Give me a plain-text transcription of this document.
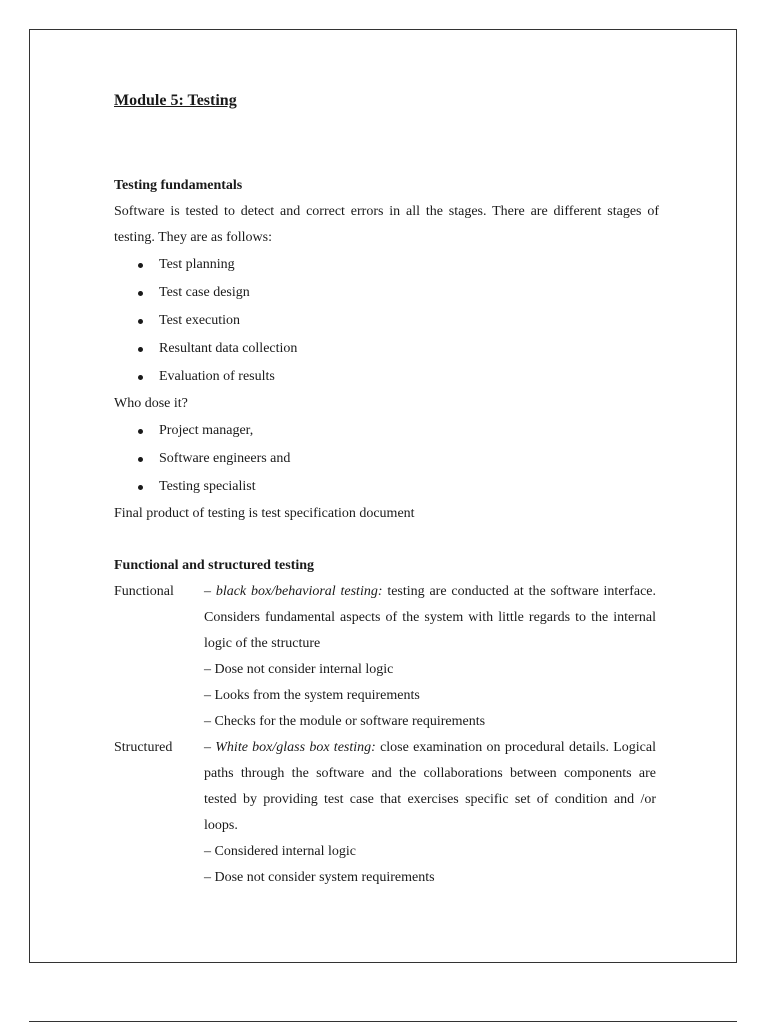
Module 5: Testing

Testing fundamentals

Software is tested to detect and correct errors in all the stages. There are different stages of testing. They are as follows:

Test planning
Test case design
Test execution
Resultant data collection
Evaluation of results

Who dose it?

Project manager,
Software engineers and
Testing specialist

Final product of testing is test specification document

Functional and structured testing

Functional	– black box/behavioral testing: testing are conducted at the software interface. Considers fundamental aspects of the system with little regards to the internal logic of the structure

– Dose not consider internal logic

– Looks from the system requirements

– Checks for the module or software requirements

Structured	– White box/glass box testing: close examination on procedural details. Logical paths through the software and the collaborations between components are tested by providing test case that exercises specific set of condition and /or loops.

– Considered internal logic

– Dose not consider system requirements
